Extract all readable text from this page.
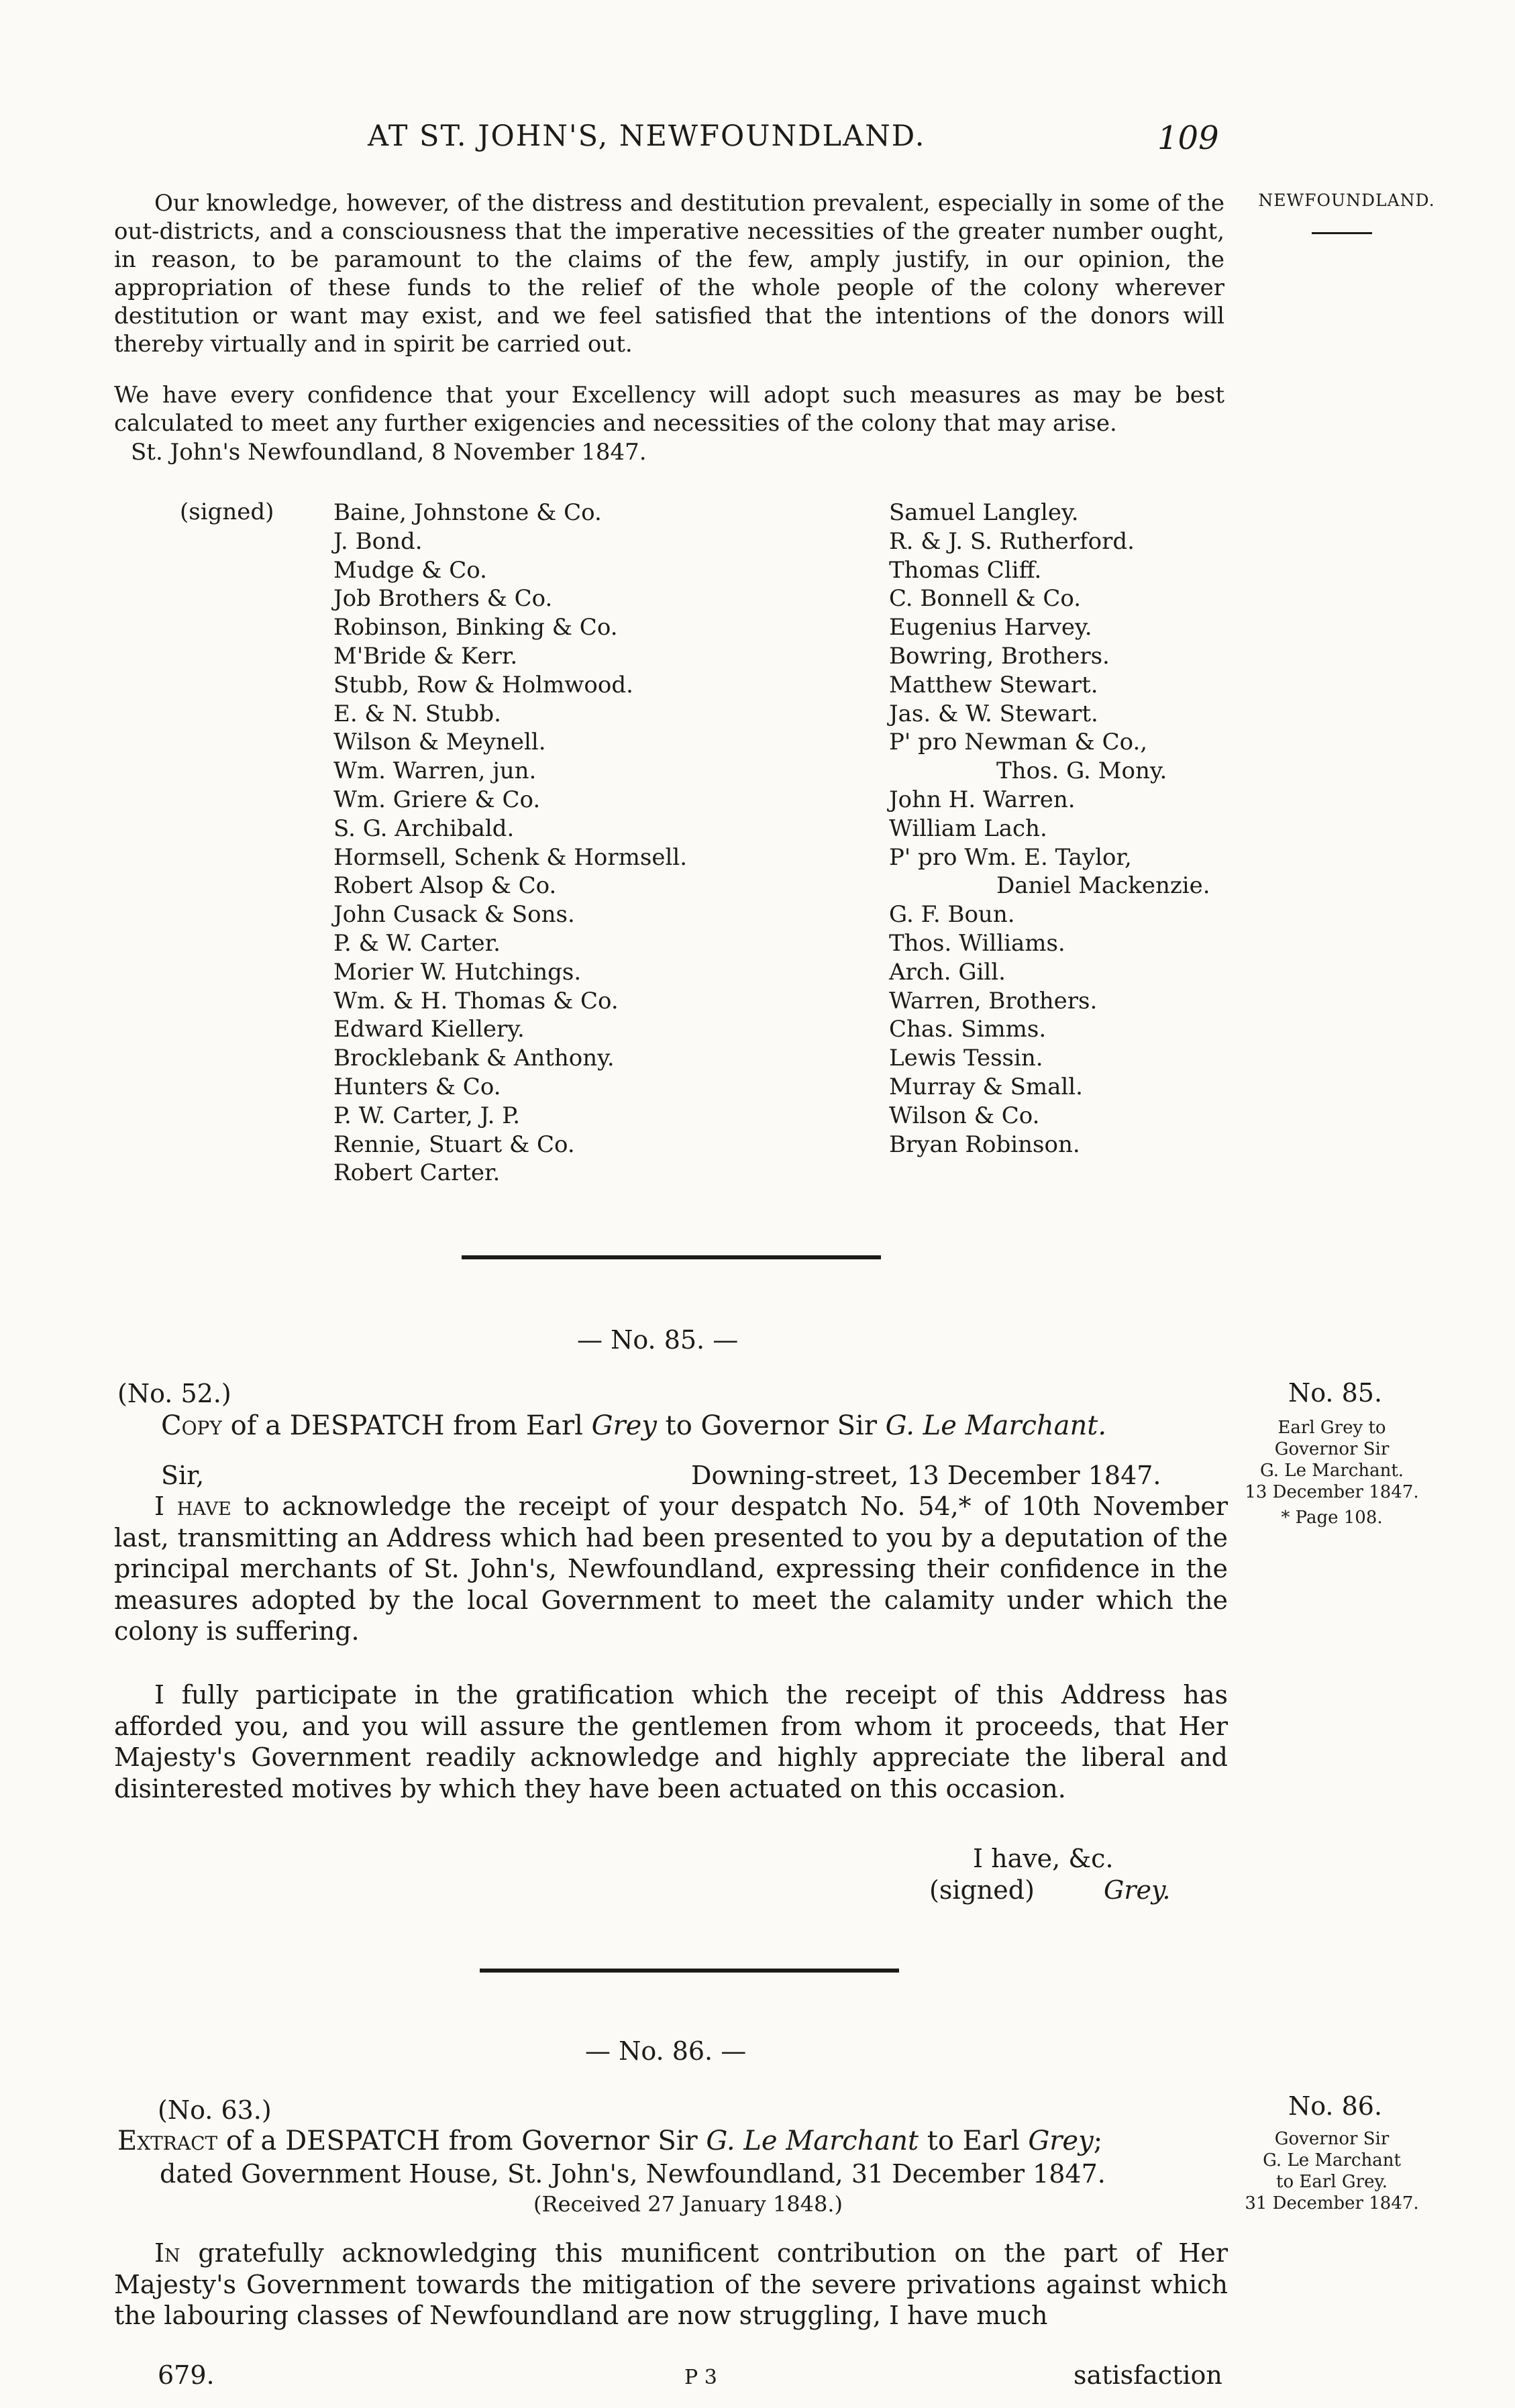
AT ST. JOHN'S, NEWFOUNDLAND.	109
NEWFOUNDLAND.
Our knowledge, however, of the distress and destitution prevalent, especially in some of the out-districts, and a consciousness that the imperative necessities of the greater number ought, in reason, to be paramount to the claims of the few, amply justify, in our opinion, the appropriation of these funds to the relief of the whole people of the colony wherever destitution or want may exist, and we feel satisfied that the intentions of the donors will thereby virtually and in spirit be carried out.
We have every confidence that your Excellency will adopt such measures as may be best calculated to meet any further exigencies and necessities of the colony that may arise.
St. John's Newfoundland, 8 November 1847.
(signed)	Baine, Johnstone & Co.
J. Bond.
Mudge & Co.
Job Brothers & Co.
Robinson, Binking & Co.
M'Bride & Kerr.
Stubb, Row & Holmwood.
E. & N. Stubb.
Wilson & Meynell.
Wm. Warren, jun.
Wm. Griere & Co.
S. G. Archibald.
Hormsell, Schenk & Hormsell.
Robert Alsop & Co.
John Cusack & Sons.
P. & W. Carter.
Morier W. Hutchings.
Wm. & H. Thomas & Co.
Edward Kiellery.
Brocklebank & Anthony.
Hunters & Co.
P. W. Carter, J. P.
Rennie, Stuart & Co.
Robert Carter.
Samuel Langley.
R. & J. S. Rutherford.
Thomas Cliff.
C. Bonnell & Co.
Eugenius Harvey.
Bowring, Brothers.
Matthew Stewart.
Jas. & W. Stewart.
P' pro Newman & Co.,
Thos. G. Mony.
John H. Warren.
William Lach.
P' pro Wm. E. Taylor,
Daniel Mackenzie.
G. F. Boun.
Thos. Williams.
Arch. Gill.
Warren, Brothers.
Chas. Simms.
Lewis Tessin.
Murray & Small.
Wilson & Co.
Bryan Robinson.
— No. 85. —
(No. 52.)
Copy of a DESPATCH from Earl Grey to Governor Sir G. Le Marchant.
Sir,	Downing-street, 13 December 1847.
I have to acknowledge the receipt of your despatch No. 54,* of 10th November last, transmitting an Address which had been presented to you by a deputation of the principal merchants of St. John's, Newfoundland, expressing their confidence in the measures adopted by the local Government to meet the calamity under which the colony is suffering.
I fully participate in the gratification which the receipt of this Address has afforded you, and you will assure the gentlemen from whom it proceeds, that Her Majesty's Government readily acknowledge and highly appreciate the liberal and disinterested motives by which they have been actuated on this occasion.
I have, &c.
(signed)	Grey.
No. 85.
Earl Grey to
Governor Sir
G. Le Marchant.
13 December 1847.
* Page 108.
— No. 86. —
(No. 63.)
Extract of a DESPATCH from Governor Sir G. Le Marchant to Earl Grey;
dated Government House, St. John's, Newfoundland, 31 December 1847.
(Received 27 January 1848.)
In gratefully acknowledging this munificent contribution on the part of Her Majesty's Government towards the mitigation of the severe privations against which the labouring classes of Newfoundland are now struggling, I have much
No. 86.
Governor Sir
G. Le Marchant
to Earl Grey.
31 December 1847.
679.	P 3	satisfaction
